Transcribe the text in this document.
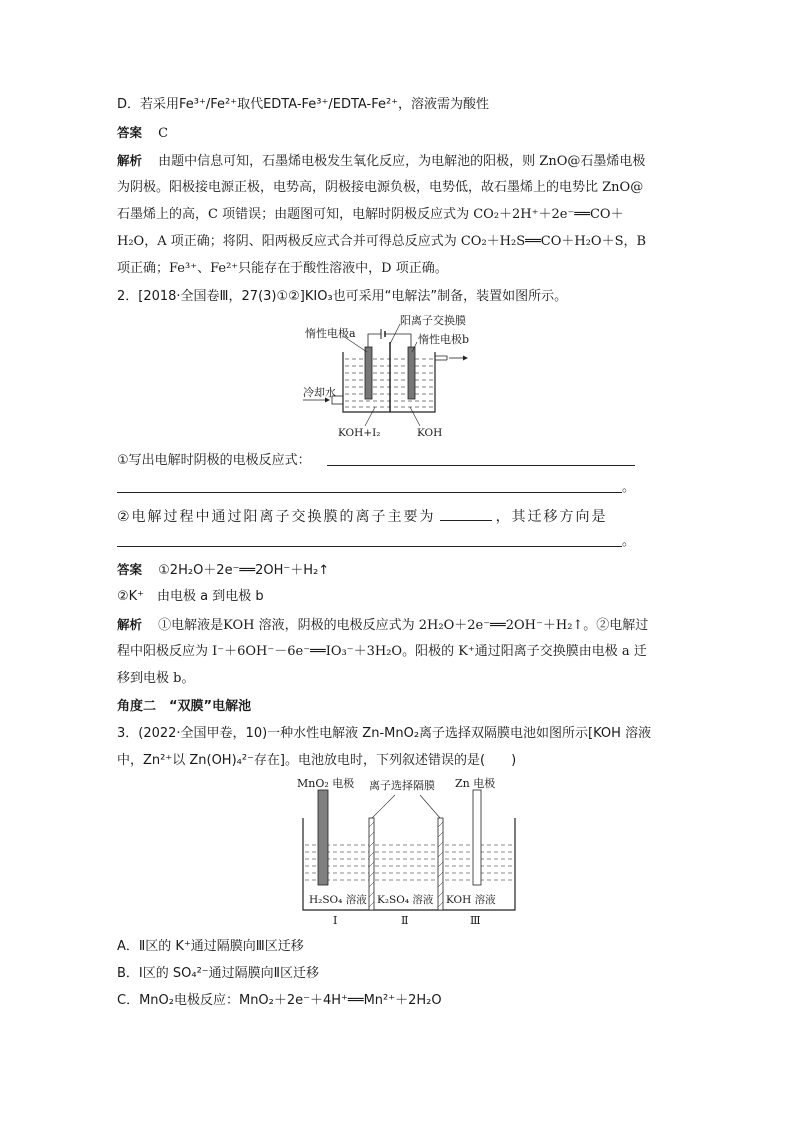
D．若采用Fe³⁺/Fe²⁺取代EDTA-Fe³⁺/EDTA-Fe²⁺，溶液需为酸性
答案 C
解析 由题中信息可知，石墨烯电极发生氧化反应，为电解池的阳极，则 ZnO@石墨烯电极
为阴极。阳极接电源正极，电势高，阴极接电源负极，电势低，故石墨烯上的电势比 ZnO@
石墨烯上的高，C 项错误；由题图可知，电解时阴极反应式为 CO₂＋2H⁺＋2e⁻══CO＋
H₂O，A 项正确；将阴、阳两极反应式合并可得总反应式为 CO₂＋H₂S══CO＋H₂O＋S，B
项正确；Fe³⁺、Fe²⁺只能存在于酸性溶液中，D 项正确。
2．[2018·全国卷Ⅲ，27(3)①②]KIO₃也可采用“电解法”制备，装置如图所示。
惰性电极a
阳离子交换膜
惰性电极b
冷却水
KOH+I₂	KOH
①写出电解时阴极的电极反应式：
。
②电解过程中通过阳离子交换膜的离子主要为	，其迁移方向是
。
答案 ①2H₂O＋2e⁻══2OH⁻＋H₂↑
②K⁺　由电极 a 到电极 b
解析 ①电解液是KOH 溶液，阴极的电极反应式为 2H₂O＋2e⁻══2OH⁻＋H₂↑。②电解过
程中阳极反应为 I⁻＋6OH⁻－6e⁻══IO₃⁻＋3H₂O。阳极的 K⁺通过阳离子交换膜由电极 a 迁
移到电极 b。
角度二　“双膜”电解池
3．(2022·全国甲卷，10)一种水性电解液 Zn-MnO₂离子选择双隔膜电池如图所示[KOH 溶液
中，Zn²⁺以 Zn(OH)₄²⁻存在]。电池放电时，下列叙述错误的是(　　)
MnO₂ 电极 离子选择隔膜 Zn 电极
H₂SO₄ 溶液 K₂SO₄ 溶液 KOH 溶液
Ⅰ	Ⅱ	Ⅲ
A．Ⅱ区的 K⁺通过隔膜向Ⅲ区迁移
B．Ⅰ区的 SO₄²⁻通过隔膜向Ⅱ区迁移
C．MnO₂电极反应：MnO₂＋2e⁻＋4H⁺══Mn²⁺＋2H₂O
